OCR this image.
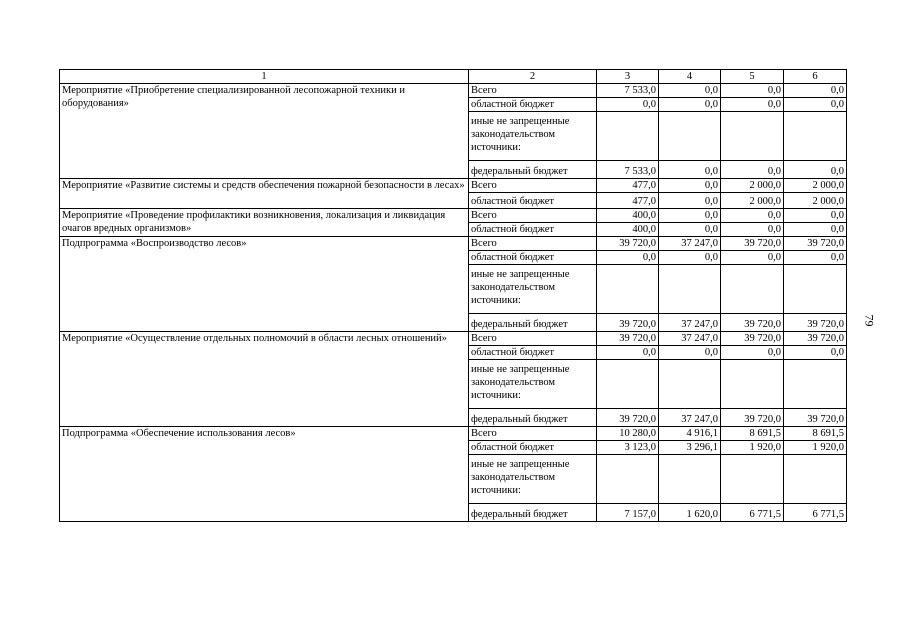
1	2	3	4	5	6
Мероприятие «Приобретение специализированной лесопожарной техники и оборудования»	Всего	7 533,0	0,0	0,0	0,0
	областной бюджет	0,0	0,0	0,0	0,0
	иные не запрещенные законодательством источники:				
	федеральный бюджет	7 533,0	0,0	0,0	0,0
Мероприятие «Развитие системы и средств обеспечения пожарной безопасности в лесах»	Всего	477,0	0,0	2 000,0	2 000,0
	областной бюджет	477,0	0,0	2 000,0	2 000,0
Мероприятие «Проведение профилактики возникновения, локализация и ликвидация очагов вредных организмов»	Всего	400,0	0,0	0,0	0,0
	областной бюджет	400,0	0,0	0,0	0,0
Подпрограмма «Воспроизводство лесов»	Всего	39 720,0	37 247,0	39 720,0	39 720,0
	областной бюджет	0,0	0,0	0,0	0,0
	иные не запрещенные законодательством источники:				
	федеральный бюджет	39 720,0	37 247,0	39 720,0	39 720,0
Мероприятие «Осуществление отдельных полномочий в области лесных отношений»	Всего	39 720,0	37 247,0	39 720,0	39 720,0
	областной бюджет	0,0	0,0	0,0	0,0
	иные не запрещенные законодательством источники:				
	федеральный бюджет	39 720,0	37 247,0	39 720,0	39 720,0
Подпрограмма «Обеспечение использования лесов»	Всего	10 280,0	4 916,1	8 691,5	8 691,5
	областной бюджет	3 123,0	3 296,1	1 920,0	1 920,0
	иные не запрещенные законодательством источники:				
	федеральный бюджет	7 157,0	1 620,0	6 771,5	6 771,5
79
